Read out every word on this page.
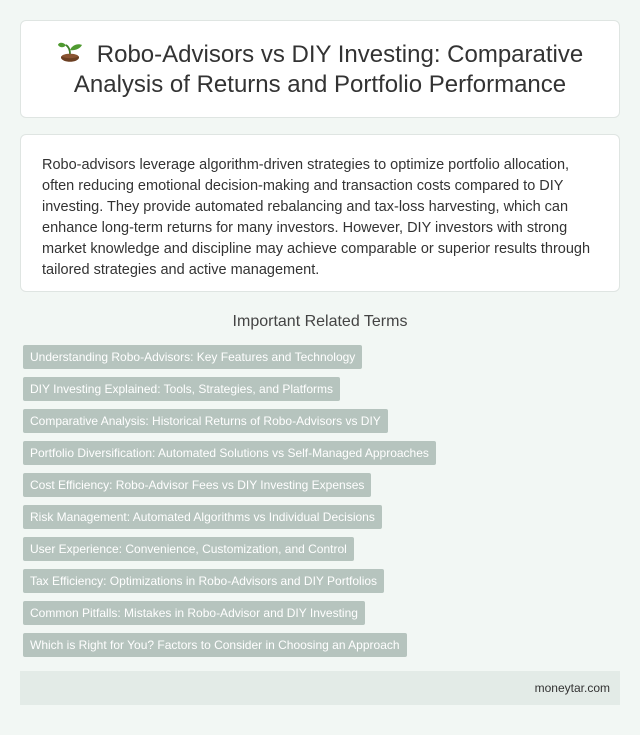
Robo-Advisors vs DIY Investing: Comparative Analysis of Returns and Portfolio Performance

Robo-advisors leverage algorithm-driven strategies to optimize portfolio allocation, often reducing emotional decision-making and transaction costs compared to DIY investing. They provide automated rebalancing and tax-loss harvesting, which can enhance long-term returns for many investors. However, DIY investors with strong market knowledge and discipline may achieve comparable or superior results through tailored strategies and active management.

Important Related Terms
Understanding Robo-Advisors: Key Features and Technology
DIY Investing Explained: Tools, Strategies, and Platforms
Comparative Analysis: Historical Returns of Robo-Advisors vs DIY
Portfolio Diversification: Automated Solutions vs Self-Managed Approaches
Cost Efficiency: Robo-Advisor Fees vs DIY Investing Expenses
Risk Management: Automated Algorithms vs Individual Decisions
User Experience: Convenience, Customization, and Control
Tax Efficiency: Optimizations in Robo-Advisors and DIY Portfolios
Common Pitfalls: Mistakes in Robo-Advisor and DIY Investing
Which is Right for You? Factors to Consider in Choosing an Approach
moneytar.com
